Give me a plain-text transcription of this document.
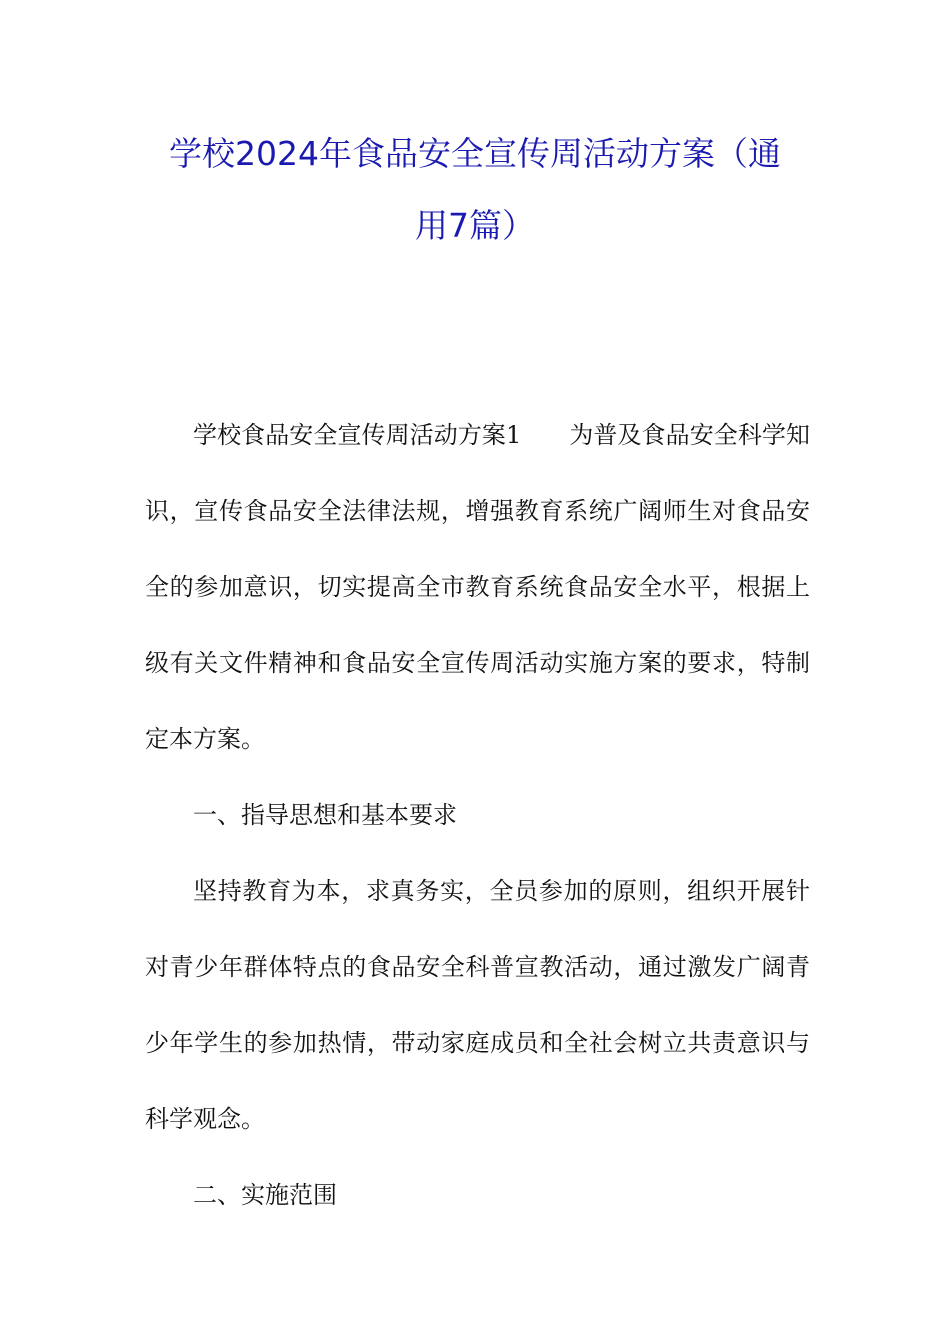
学校2024年食品安全宣传周活动方案（通
用7篇）

学校食品安全宣传周活动方案1 为普及食品安全科学知识，宣传食品安全法律法规，增强教育系统广阔师生对食品安全的参加意识，切实提高全市教育系统食品安全水平，根据上级有关文件精神和食品安全宣传周活动实施方案的要求，特制定本方案。

一、指导思想和基本要求

坚持教育为本，求真务实，全员参加的原则，组织开展针对青少年群体特点的食品安全科普宣教活动，通过激发广阔青少年学生的参加热情，带动家庭成员和全社会树立共责意识与科学观念。

二、实施范围
